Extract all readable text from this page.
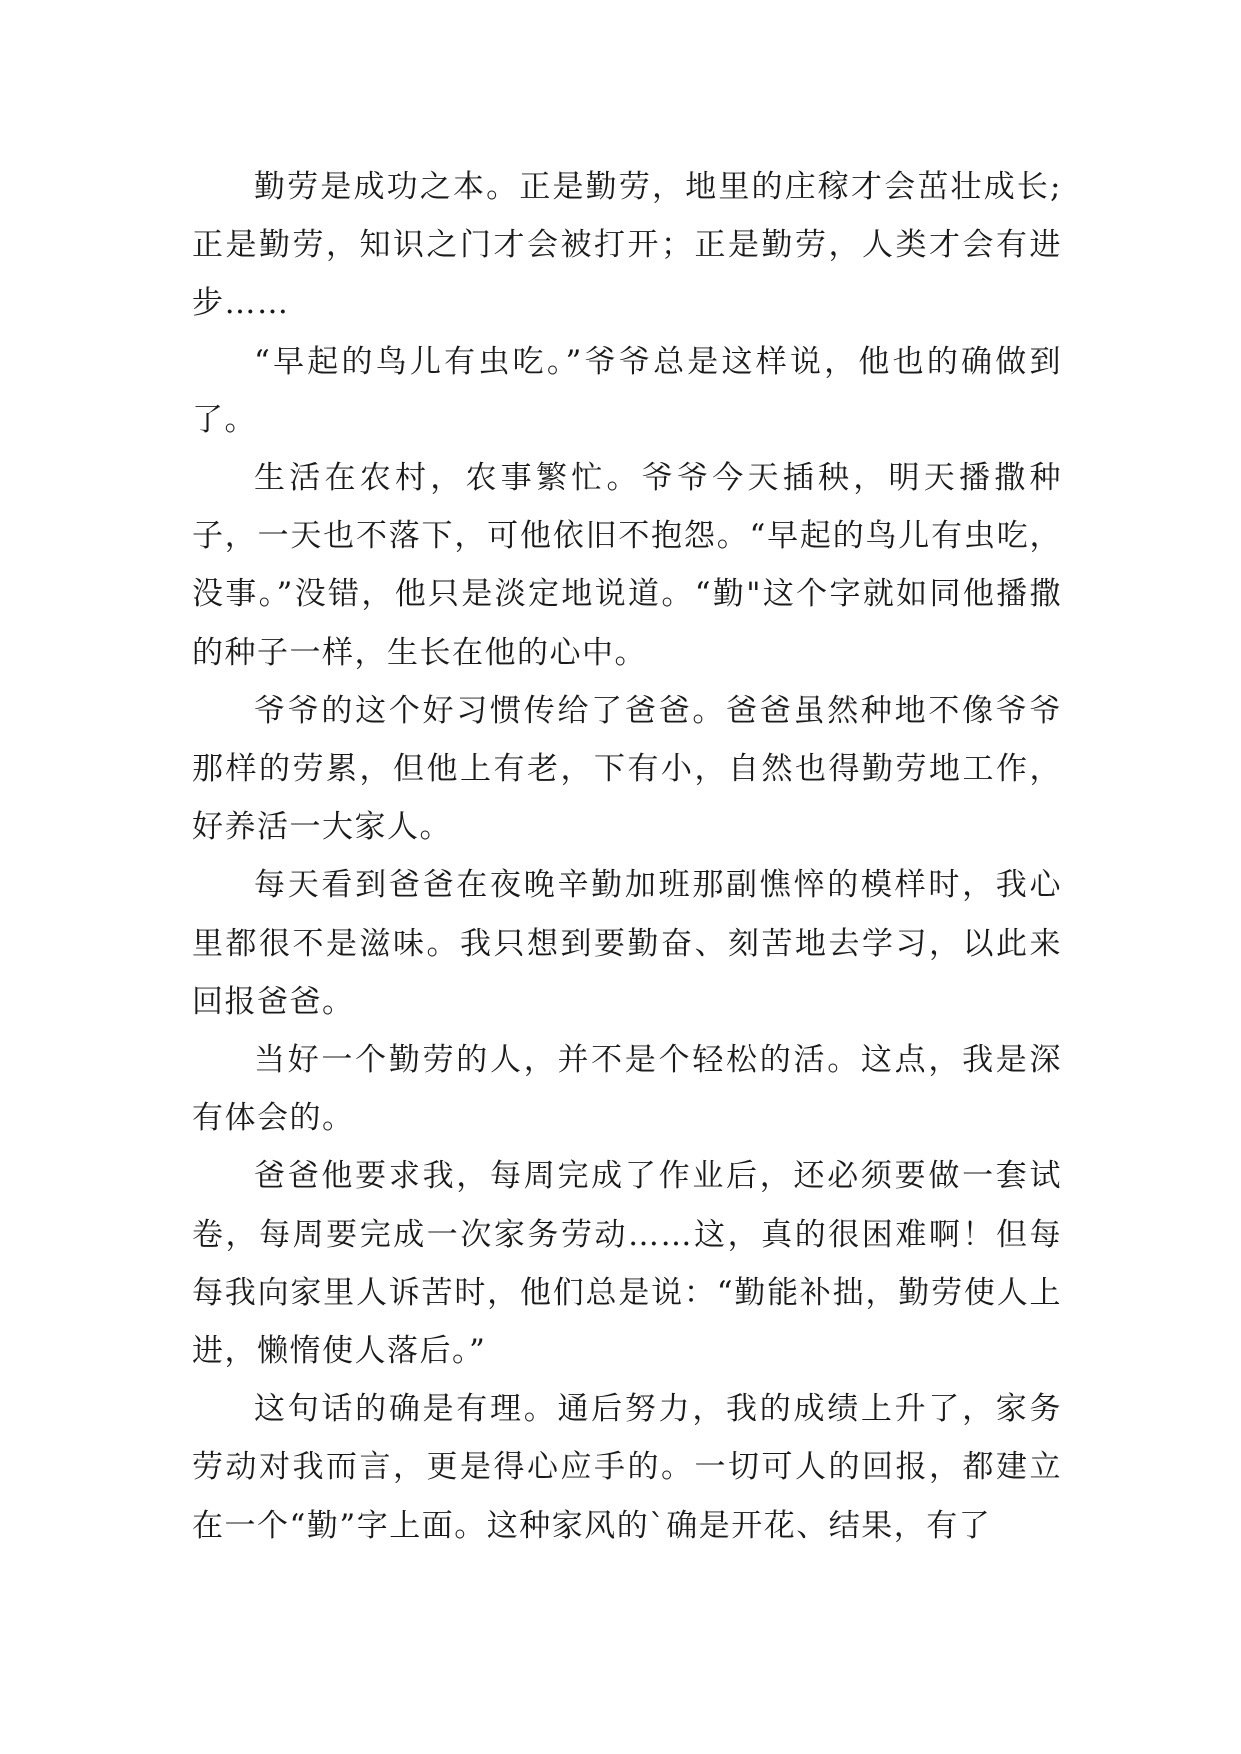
勤劳是成功之本。正是勤劳，地里的庄稼才会茁壮成长;正是勤劳，知识之门才会被打开；正是勤劳，人类才会有进步……

“早起的鸟儿有虫吃。”爷爷总是这样说，他也的确做到了。

生活在农村，农事繁忙。爷爷今天插秧，明天播撒种子，一天也不落下，可他依旧不抱怨。“早起的鸟儿有虫吃，没事。”没错，他只是淡定地说道。“勤"这个字就如同他播撒的种子一样，生长在他的心中。

爷爷的这个好习惯传给了爸爸。爸爸虽然种地不像爷爷那样的劳累，但他上有老，下有小，自然也得勤劳地工作，好养活一大家人。

每天看到爸爸在夜晚辛勤加班那副憔悴的模样时，我心里都很不是滋味。我只想到要勤奋、刻苦地去学习，以此来回报爸爸。

当好一个勤劳的人，并不是个轻松的活。这点，我是深有体会的。

爸爸他要求我，每周完成了作业后，还必须要做一套试卷，每周要完成一次家务劳动……这，真的很困难啊！但每每我向家里人诉苦时，他们总是说：“勤能补拙，勤劳使人上进，懒惰使人落后。”

这句话的确是有理。通后努力，我的成绩上升了，家务劳动对我而言，更是得心应手的。一切可人的回报，都建立在一个“勤”字上面。这种家风的`确是开花、结果，有了
